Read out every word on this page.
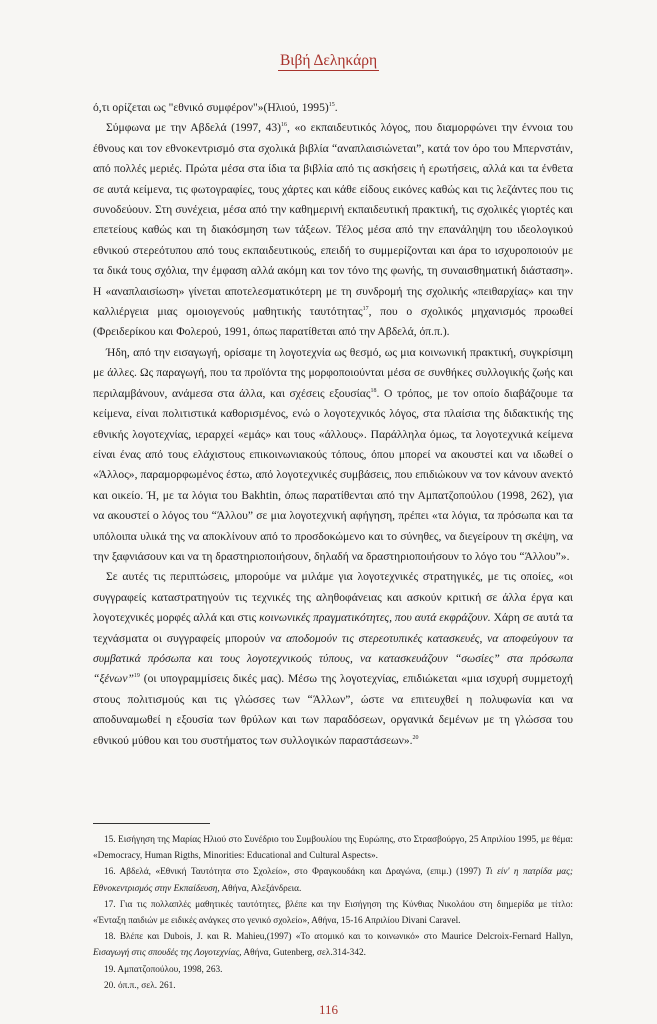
Βιβή Δεληκάρη

ό,τι ορίζεται ως "εθνικό συμφέρον"»(Ηλιού, 1995)$^{15}$.

Σύμφωνα με την Αβδελά (1997, 43)$^{16}$, «ο εκπαιδευτικός λόγος, που διαμορφώνει την έννοια του έθνους και τον εθνοκεντρισμό στα σχολικά βιβλία “αναπλαισιώνεται”, κατά τον όρο του Μπερνστάιν, από πολλές μεριές. Πρώτα μέσα στα ίδια τα βιβλία από τις ασκήσεις ή ερωτήσεις, αλλά και τα ένθετα σε αυτά κείμενα, τις φωτογραφίες, τους χάρτες και κάθε είδους εικόνες καθώς και τις λεζάντες που τις συνοδεύουν. Στη συνέχεια, μέσα από την καθημερινή εκπαιδευτική πρακτική, τις σχολικές γιορτές και επετείους καθώς και τη διακόσμηση των τάξεων. Τέλος μέσα από την επανάληψη του ιδεολογικού εθνικού στερεότυπου από τους εκπαιδευτικούς, επειδή το συμμερίζονται και άρα το ισχυροποιούν με τα δικά τους σχόλια, την έμφαση αλλά ακόμη και τον τόνο της φωνής, τη συναισθηματική διάσταση». Η «αναπλαισίωση» γίνεται αποτελεσματικότερη με τη συνδρομή της σχολικής «πειθαρχίας» και την καλλιέργεια μιας ομοιογενούς μαθητικής ταυτότητας$^{17}$, που ο σχολικός μηχανισμός προωθεί (Φρειδερίκου και Φολερού, 1991, όπως παρατίθεται από την Αβδελά, όπ.π.).

Ήδη, από την εισαγωγή, ορίσαμε τη λογοτεχνία ως θεσμό, ως μια κοινωνική πρακτική, συγκρίσιμη με άλλες. Ως παραγωγή, που τα προϊόντα της μορφοποιούνται μέσα σε συνθήκες συλλογικής ζωής και περιλαμβάνουν, ανάμεσα στα άλλα, και σχέσεις εξουσίας$^{18}$. Ο τρόπος, με τον οποίο διαβάζουμε τα κείμενα, είναι πολιτιστικά καθορισμένος, ενώ ο λογοτεχνικός λόγος, στα πλαίσια της διδακτικής της εθνικής λογοτεχνίας, ιεραρχεί «εμάς» και τους «άλλους». Παράλληλα όμως, τα λογοτεχνικά κείμενα είναι ένας από τους ελάχιστους επικοινωνιακούς τόπους, όπου μπορεί να ακουστεί και να ιδωθεί ο «Άλλος», παραμορφωμένος έστω, από λογοτεχνικές συμβάσεις, που επιδιώκουν να τον κάνουν ανεκτό και οικείο. Ή, με τα λόγια του Bakhtin, όπως παρατίθενται από την Αμπατζοπούλου (1998, 262), για να ακουστεί ο λόγος του “Άλλου” σε μια λογοτεχνική αφήγηση, πρέπει «τα λόγια, τα πρόσωπα και τα υπόλοιπα υλικά της να αποκλίνουν από το προσδοκώμενο και το σύνηθες, να διεγείρουν τη σκέψη, να την ξαφνιάσουν και να τη δραστηριοποιήσουν, δηλαδή να δραστηριοποιήσουν το λόγο του “Άλλου”».

Σε αυτές τις περιπτώσεις, μπορούμε να μιλάμε για λογοτεχνικές στρατηγικές, με τις οποίες, «οι συγγραφείς καταστρατηγούν τις τεχνικές της αληθοφάνειας και ασκούν κριτική σε άλλα έργα και λογοτεχνικές μορφές αλλά και στις κοινωνικές πραγματικότητες, που αυτά εκφράζουν. Χάρη σε αυτά τα τεχνάσματα οι συγγραφείς μπορούν να αποδομούν τις στερεοτυπικές κατασκευές, να αποφεύγουν τα συμβατικά πρόσωπα και τους λογοτεχνικούς τύπους, να κατασκευάζουν “σωσίες” στα πρόσωπα “ξένων”$^{19}$ (οι υπογραμμίσεις δικές μας). Μέσω της λογοτεχνίας, επιδιώκεται «μια ισχυρή συμμετοχή στους πολιτισμούς και τις γλώσσες των “Άλλων”, ώστε να επιτευχθεί η πολυφωνία και να αποδυναμωθεί η εξουσία των θρύλων και των παραδόσεων, οργανικά δεμένων με τη γλώσσα του εθνικού μύθου και του συστήματος των συλλογικών παραστάσεων».$^{20}$

15. Εισήγηση της Μαρίας Ηλιού στο Συνέδριο του Συμβουλίου της Ευρώπης, στο Στρασβούργο, 25 Απριλίου 1995, με θέμα: «Democracy, Human Rigths, Minorities: Educational and Cultural Aspects».

16. Αβδελά, «Εθνική Ταυτότητα στο Σχολείο», στο Φραγκουδάκη και Δραγώνα, (επιμ.) (1997) Τι είν' η πατρίδα μας; Εθνοκεντρισμός στην Εκπαίδευση, Αθήνα, Αλεξάνδρεια.

17. Για τις πολλαπλές μαθητικές ταυτότητες, βλέπε και την Εισήγηση της Κύνθιας Νικολάου στη διημερίδα με τίτλο: «Ένταξη παιδιών με ειδικές ανάγκες στο γενικό σχολείο», Αθήνα, 15-16 Απριλίου Divani Caravel.

18. Βλέπε και Dubois, J. και R. Mahieu,(1997) «Το ατομικό και το κοινωνικό» στο Maurice Delcroix-Fernard Hallyn, Εισαγωγή στις σπουδές της Λογοτεχνίας, Αθήνα, Gutenberg, σελ.314-342.

19. Αμπατζοπούλου, 1998, 263.

20. όπ.π., σελ. 261.

116
